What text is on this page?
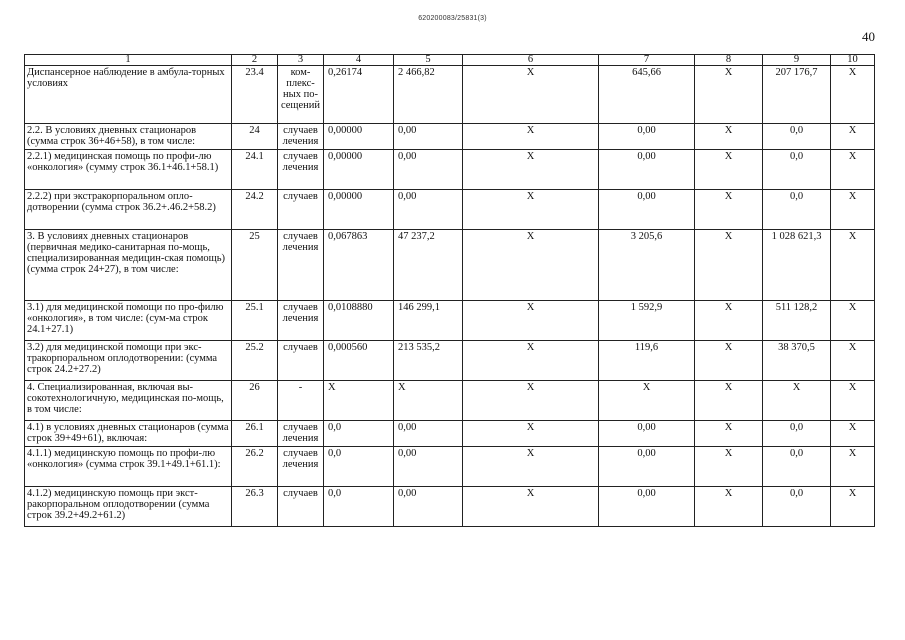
620200083/25831(3)
40
1	2	3	4	5	6	7	8	9	10
Диспансерное наблюдение в амбула-торных условиях	23.4	ком-плекс-ных по-сещений	0,26174	2 466,82	X	645,66	X	207 176,7	X
2.2. В условиях дневных стационаров (сумма строк 36+46+58), в том числе:	24	случаев лечения	0,00000	0,00	X	0,00	X	0,0	X
2.2.1) медицинская помощь по профи-лю «онкология» (сумму строк 36.1+46.1+58.1)	24.1	случаев лечения	0,00000	0,00	X	0,00	X	0,0	X
2.2.2) при экстракорпоральном опло-дотворении (сумма строк 36.2+.46.2+58.2)	24.2	случаев	0,00000	0,00	X	0,00	X	0,0	X
3. В условиях дневных стационаров (первичная медико-санитарная по-мощь, специализированная медицин-ская помощь) (сумма строк 24+27), в том числе:	25	случаев лечения	0,067863	47 237,2	X	3 205,6	X	1 028 621,3	X
3.1) для медицинской помощи по про-филю «онкология», в том числе: (сум-ма строк 24.1+27.1)	25.1	случаев лечения	0,0108880	146 299,1	X	1 592,9	X	511 128,2	X
3.2) для медицинской помощи при экс-тракорпоральном оплодотворении: (сумма строк 24.2+27.2)	25.2	случаев	0,000560	213 535,2	X	119,6	X	38 370,5	X
4. Специализированная, включая вы-сокотехнологичную, медицинская по-мощь, в том числе:	26	-	X	X	X	X	X	X	X
4.1) в условиях дневных стационаров (сумма строк 39+49+61), включая:	26.1	случаев лечения	0,0	0,00	X	0,00	X	0,0	X
4.1.1) медицинскую помощь по профи-лю «онкология» (сумма строк 39.1+49.1+61.1):	26.2	случаев лечения	0,0	0,00	X	0,00	X	0,0	X
4.1.2) медицинскую помощь при экст-ракорпоральном оплодотворении (сумма строк 39.2+49.2+61.2)	26.3	случаев	0,0	0,00	X	0,00	X	0,0	X
